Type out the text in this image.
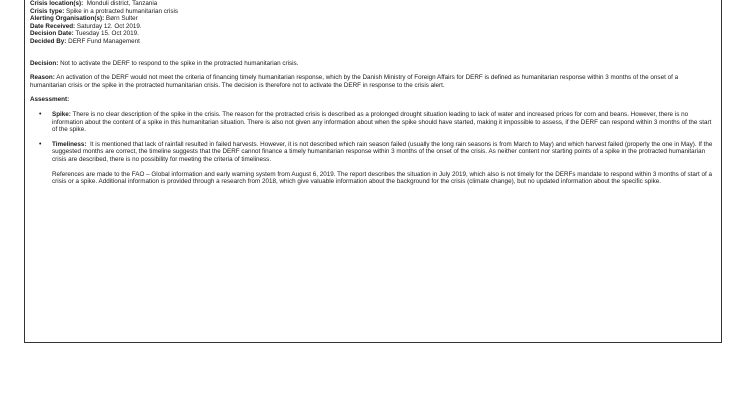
Crisis location(s): Monduli district, Tanzania
Crisis type: Spike in a protracted humanitarian crisis
Alerting Organisation(s): Børn Sulter
Date Received: Saturday 12. Oct 2019.
Decision Date: Tuesday 15. Oct 2019.
Decided By: DERF Fund Management

Decision: Not to activate the DERF to respond to the spike in the protracted humanitarian crisis.

Reason: An activation of the DERF would not meet the criteria of financing timely humanitarian response, which by the Danish Ministry of Foreign Affairs for DERF is defined as humanitarian response within 3 months of the onset of a humanitarian crisis or the spike in the protracted humanitarian crisis. The decision is therefore not to activate the DERF in response to the crisis alert.

Assessment:

• Spike: There is no clear description of the spike in the crisis. The reason for the protracted crisis is described as a prolonged drought situation leading to lack of water and increased prices for corn and beans. However, there is no information about the content of a spike in this humanitarian situation. There is also not given any information about when the spike should have started, making it impossible to assess, if the DERF can respond within 3 months of the start of the spike.
• Timeliness: It is mentioned that lack of rainfall resulted in failed harvests. However, it is not described which rain season failed (usually the long rain seasons is from March to May) and which harvest failed (properly the one in May). If the suggested months are correct, the timeline suggests that the DERF cannot finance a timely humanitarian response within 3 months of the onset of the crisis. As neither content nor starting points of a spike in the protracted humanitarian crisis are described, there is no possibility for meeting the criteria of timeliness.

References are made to the FAO – Global information and early warning system from August 6, 2019. The report describes the situation in July 2019, which also is not timely for the DERFs mandate to respond within 3 months of start of a crisis or a spike. Additional information is provided through a research from 2018, which give valuable information about the background for the crisis (climate change), but no updated information about the specific spike.
